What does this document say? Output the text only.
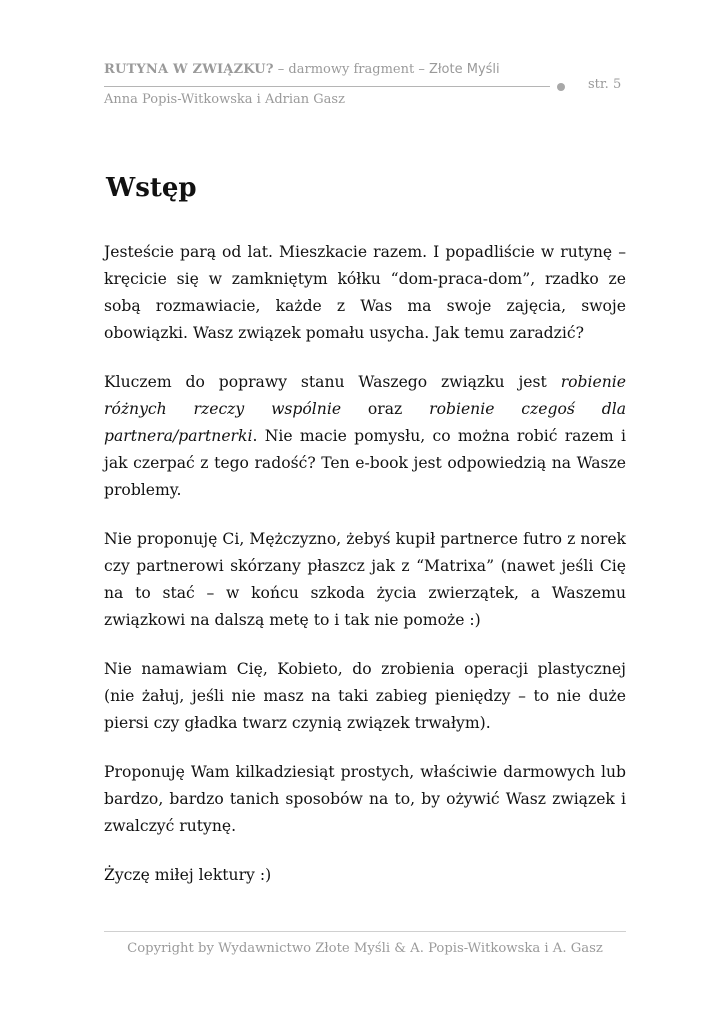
RUTYNA W ZWIĄZKU? – darmowy fragment – Złote Myśli
str. 5
Anna Popis-Witkowska i Adrian Gasz
Wstęp

Jesteście parą od lat. Mieszkacie razem. I popadliście w rutynę – kręcicie się w zamkniętym kółku “dom-praca-dom”, rzadko ze sobą rozmawiacie, każde z Was ma swoje zajęcia, swoje obowiązki. Wasz związek pomału usycha. Jak temu zaradzić?

Kluczem do poprawy stanu Waszego związku jest robienie różnych rzeczy wspólnie oraz robienie czegoś dla partnera/partnerki. Nie macie pomysłu, co można robić razem i jak czerpać z tego radość? Ten e-book jest odpowiedzią na Wasze problemy.

Nie proponuję Ci, Mężczyzno, żebyś kupił partnerce futro z norek czy partnerowi skórzany płaszcz jak z “Matrixa” (nawet jeśli Cię na to stać – w końcu szkoda życia zwierzątek, a Waszemu związkowi na dalszą metę to i tak nie pomoże :)

Nie namawiam Cię, Kobieto, do zrobienia operacji plastycznej (nie żałuj, jeśli nie masz na taki zabieg pieniędzy – to nie duże piersi czy gładka twarz czynią związek trwałym).

Proponuję Wam kilkadziesiąt prostych, właściwie darmowych lub bardzo, bardzo tanich sposobów na to, by ożywić Wasz związek i zwalczyć rutynę.

Życzę miłej lektury :)

Copyright by Wydawnictwo Złote Myśli & A. Popis-Witkowska i A. Gasz
